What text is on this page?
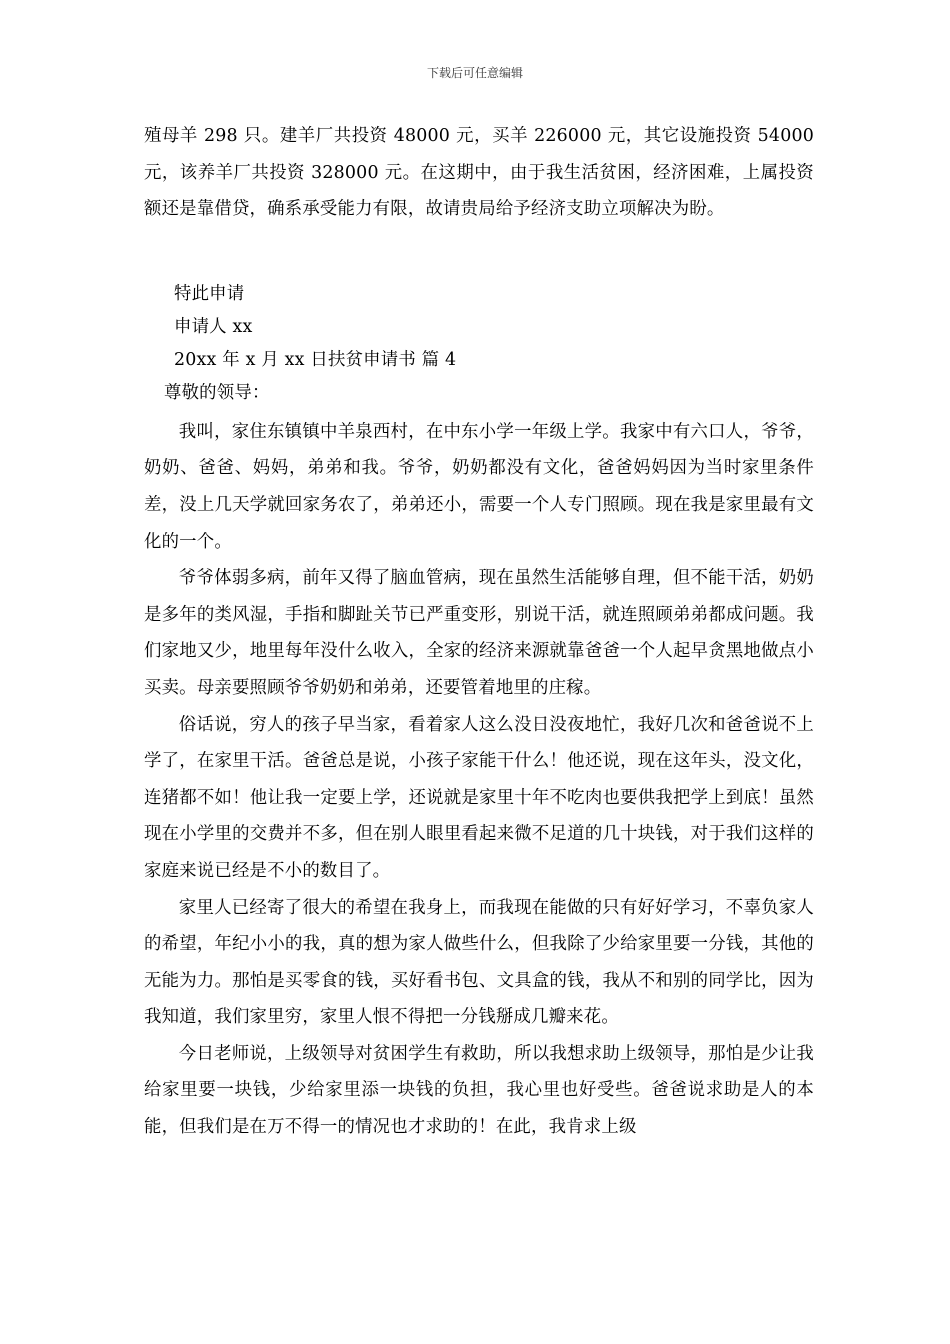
下载后可任意编辑

殖母羊 298 只。建羊厂共投资 48000 元，买羊 226000 元，其它设施投资 54000 元，该养羊厂共投资 328000 元。在这期中，由于我生活贫困，经济困难，上属投资额还是靠借贷，确系承受能力有限，故请贵局给予经济支助立项解决为盼。

特此申请

申请人 xx

20xx 年 x 月 xx 日扶贫申请书 篇 4

尊敬的领导：

我叫，家住东镇镇中羊泉西村，在中东小学一年级上学。我家中有六口人，爷爷，奶奶、爸爸、妈妈，弟弟和我。爷爷，奶奶都没有文化，爸爸妈妈因为当时家里条件差，没上几天学就回家务农了，弟弟还小，需要一个人专门照顾。现在我是家里最有文化的一个。

爷爷体弱多病，前年又得了脑血管病，现在虽然生活能够自理，但不能干活，奶奶是多年的类风湿，手指和脚趾关节已严重变形，别说干活，就连照顾弟弟都成问题。我们家地又少，地里每年没什么收入，全家的经济来源就靠爸爸一个人起早贪黑地做点小买卖。母亲要照顾爷爷奶奶和弟弟，还要管着地里的庄稼。

俗话说，穷人的孩子早当家，看着家人这么没日没夜地忙，我好几次和爸爸说不上学了，在家里干活。爸爸总是说，小孩子家能干什么！他还说，现在这年头，没文化，连猪都不如！他让我一定要上学，还说就是家里十年不吃肉也要供我把学上到底！虽然现在小学里的交费并不多，但在别人眼里看起来微不足道的几十块钱，对于我们这样的家庭来说已经是不小的数目了。

家里人已经寄了很大的希望在我身上，而我现在能做的只有好好学习，不辜负家人的希望，年纪小小的我，真的想为家人做些什么，但我除了少给家里要一分钱，其他的无能为力。那怕是买零食的钱，买好看书包、文具盒的钱，我从不和别的同学比，因为我知道，我们家里穷，家里人恨不得把一分钱掰成几瓣来花。

今日老师说，上级领导对贫困学生有救助，所以我想求助上级领导，那怕是少让我给家里要一块钱，少给家里添一块钱的负担，我心里也好受些。爸爸说求助是人的本能，但我们是在万不得一的情况也才求助的！在此，我肯求上级
